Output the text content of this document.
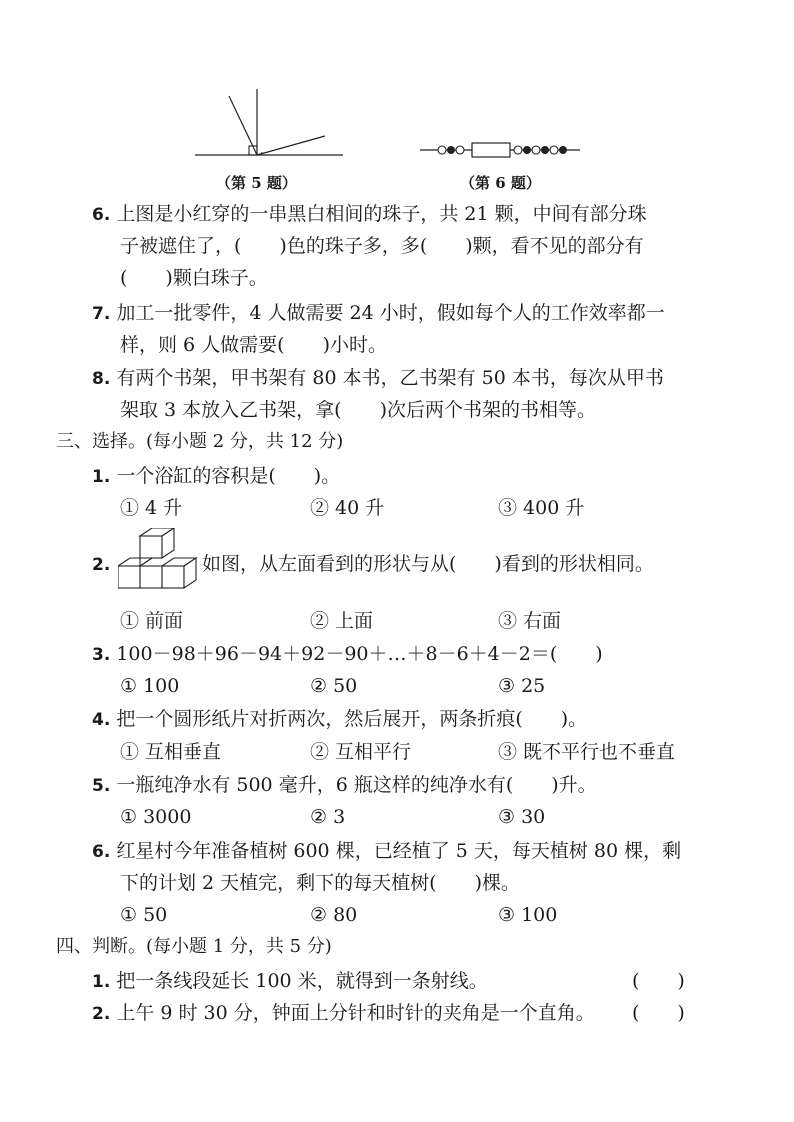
（第 5 题）	（第 6 题）
6. 上图是小红穿的一串黑白相间的珠子，共 21 颗，中间有部分珠
子被遮住了，(　　)色的珠子多，多(　　)颗，看不见的部分有
(　　)颗白珠子。
7. 加工一批零件，4 人做需要 24 小时，假如每个人的工作效率都一
样，则 6 人做需要(　　)小时。
8. 有两个书架，甲书架有 80 本书，乙书架有 50 本书，每次从甲书
架取 3 本放入乙书架，拿(　　)次后两个书架的书相等。
三、选择。(每小题 2 分，共 12 分)
1. 一个浴缸的容积是(　　)。
① 4 升	② 40 升	③ 400 升
2.	如图，从左面看到的形状与从(　　)看到的形状相同。
① 前面	② 上面	③ 右面
3. 100－98＋96－94＋92－90＋…＋8－6＋4－2＝(　　)
① 100	② 50	③ 25
4. 把一个圆形纸片对折两次，然后展开，两条折痕(　　)。
① 互相垂直	② 互相平行	③ 既不平行也不垂直
5. 一瓶纯净水有 500 毫升，6 瓶这样的纯净水有(　　)升。
① 3000	② 3	③ 30
6. 红星村今年准备植树 600 棵，已经植了 5 天，每天植树 80 棵，剩
下的计划 2 天植完，剩下的每天植树(　　)棵。
① 50	② 80	③ 100
四、判断。(每小题 1 分，共 5 分)
1. 把一条线段延长 100 米，就得到一条射线。	(　　)
2. 上午 9 时 30 分，钟面上分针和时针的夹角是一个直角。 (　　)
